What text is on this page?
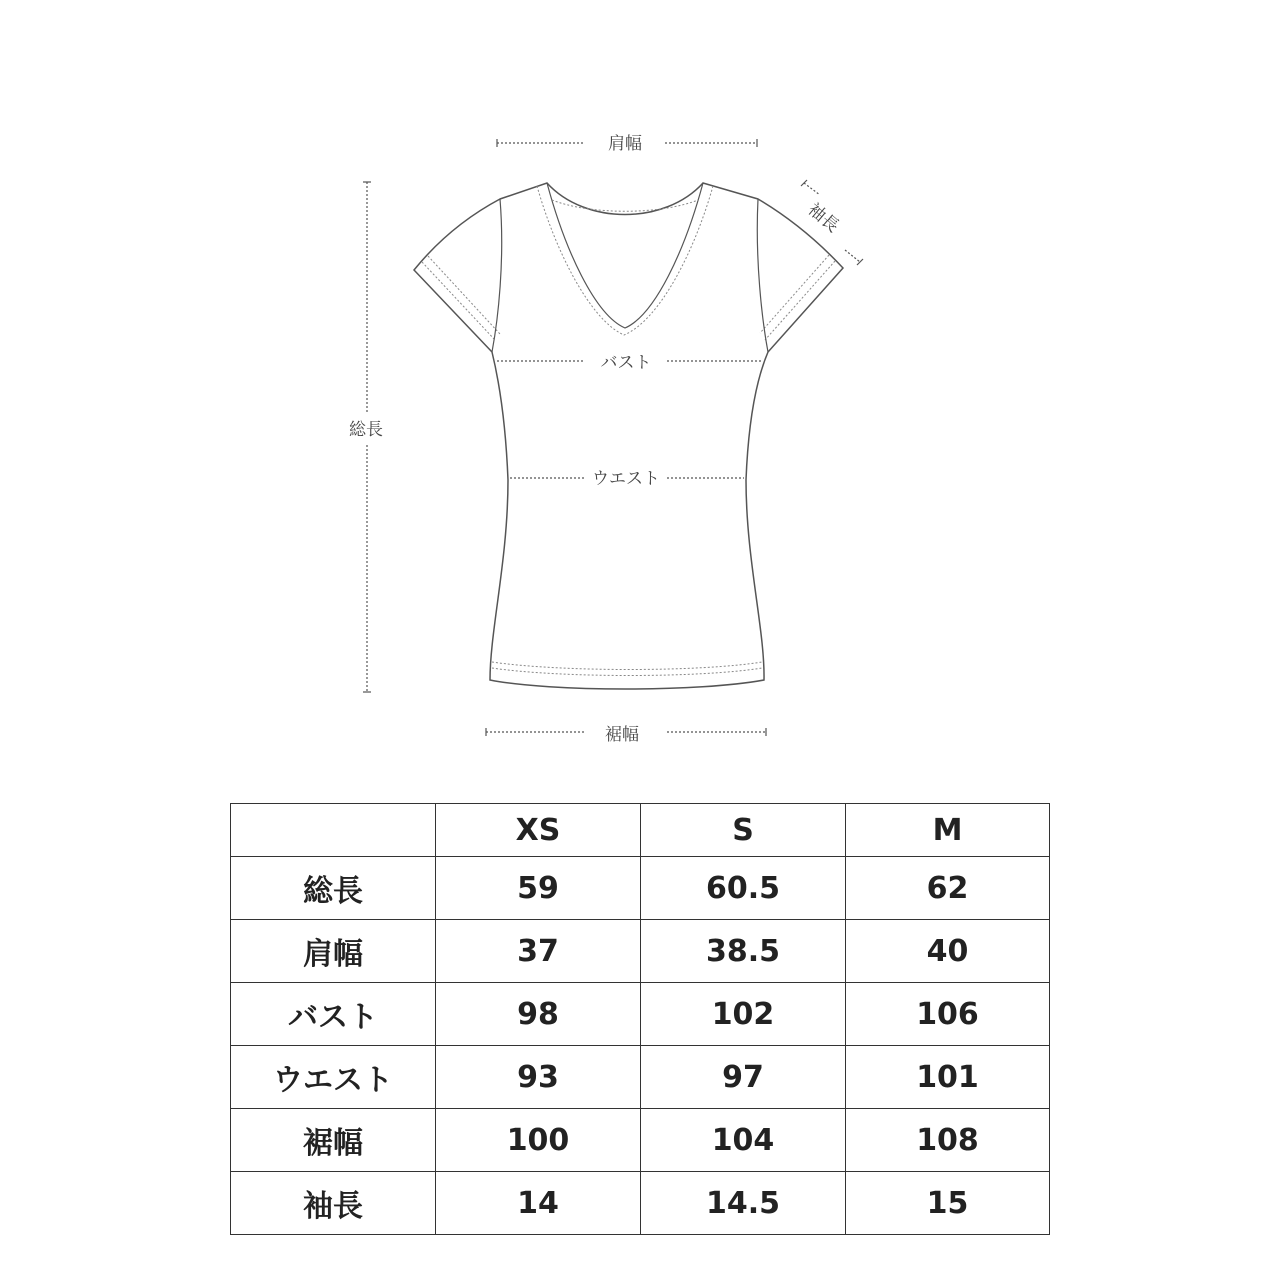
肩幅
袖長
総長
バスト
ウエスト
裾幅
	XS	S	M
総長	59	60.5	62
肩幅	37	38.5	40
バスト	98	102	106
ウエスト	93	97	101
裾幅	100	104	108
袖長	14	14.5	15
